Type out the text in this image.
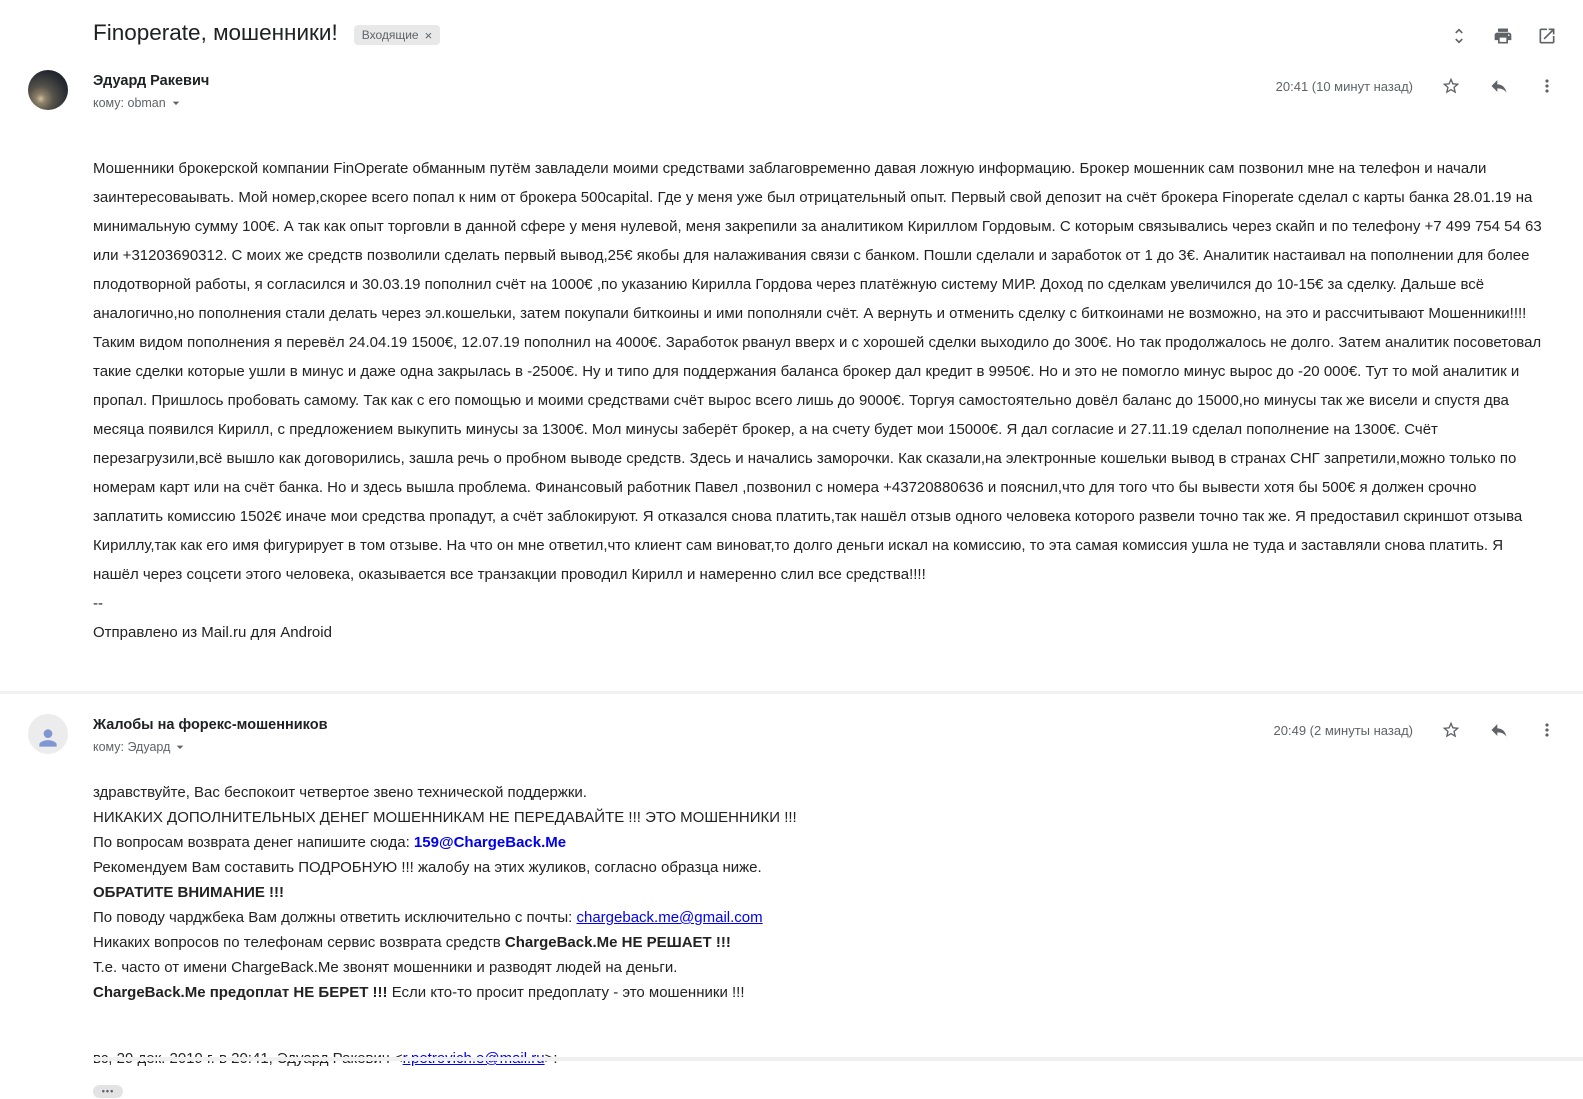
Finoperate, мошенники! Входящие ×
Эдуард Ракевич
кому: obman
20:41 (10 минут назад)
Мошенники брокерской компании FinOperate обманным путём завладели моими средствами заблаговременно давая ложную информацию. Брокер мошенник сам позвонил мне на телефон и начали заинтересоваывать. Мой номер,скорее всего попал к ним от брокера 500capital. Где у меня уже был отрицательный опыт. Первый свой депозит на счёт брокера Finoperate сделал с карты банка 28.01.19 на минимальную сумму 100€. А так как опыт торговли в данной сфере у меня нулевой, меня закрепили за аналитиком Кириллом Гордовым. С которым связывались через скайп и по телефону +7 499 754 54 63 или +31203690312. С моих же средств позволили сделать первый вывод,25€ якобы для налаживания связи с банком. Пошли сделали и заработок от 1 до 3€. Аналитик настаивал на пополнении для более плодотворной работы, я согласился и 30.03.19 пополнил счёт на 1000€ ,по указанию Кирилла Гордова через платёжную систему МИР. Доход по сделкам увеличился до 10-15€ за сделку. Дальше всё аналогично,но пополнения стали делать через эл.кошельки, затем покупали биткоины и ими пополняли счёт. А вернуть и отменить сделку с биткоинами не возможно, на это и рассчитывают Мошенники!!!! Таким видом пополнения я перевёл 24.04.19 1500€, 12.07.19 пополнил на 4000€. Заработок рванул вверх и с хорошей сделки выходило до 300€. Но так продолжалось не долго. Затем аналитик посоветовал такие сделки которые ушли в минус и даже одна закрылась в -2500€. Ну и типо для поддержания баланса брокер дал кредит в 9950€. Но и это не помогло минус вырос до -20 000€. Тут то мой аналитик и пропал. Пришлось пробовать самому. Так как с его помощью и моими средствами счёт вырос всего лишь до 9000€. Торгуя самостоятельно довёл баланс до 15000,но минусы так же висели и спустя два месяца появился Кирилл, с предложением выкупить минусы за 1300€. Мол минусы заберёт брокер, а на счету будет мои 15000€. Я дал согласие и 27.11.19 сделал пополнение на 1300€. Счёт перезагрузили,всё вышло как договорились, зашла речь о пробном выводе средств. Здесь и начались заморочки. Как сказали,на электронные кошельки вывод в странах СНГ запретили,можно только по номерам карт или на счёт банка. Но и здесь вышла проблема. Финансовый работник Павел ,позвонил с номера +43720880636 и пояснил,что для того что бы вывести хотя бы 500€ я должен срочно заплатить комиссию 1502€ иначе мои средства пропадут, а счёт заблокируют. Я отказался снова платить,так нашёл отзыв одного человека которого развели точно так же. Я предоставил скриншот отзыва Кириллу,так как его имя фигурирует в том отзыве. На что он мне ответил,что клиент сам виноват,то долго деньги искал на комиссию, то эта самая комиссия ушла не туда и заставляли снова платить. Я нашёл через соцсети этого человека, оказывается все транзакции проводил Кирилл и намеренно слил все средства!!!!
--
Отправлено из Mail.ru для Android
Жалобы на форекс-мошенников
кому: Эдуард
20:49 (2 минуты назад)
здравствуйте, Вас беспокоит четвертое звено технической поддержки.
НИКАКИХ ДОПОЛНИТЕЛЬНЫХ ДЕНЕГ МОШЕННИКАМ НЕ ПЕРЕДАВАЙТЕ !!! ЭТО МОШЕННИКИ !!!
По вопросам возврата денег напишите сюда: 159@ChargeBack.Me
Рекомендуем Вам составить ПОДРОБНУЮ !!! жалобу на этих жуликов, согласно образца ниже.
ОБРАТИТЕ ВНИМАНИЕ !!!
По поводу чарджбека Вам должны ответить исключительно с почты: chargeback.me@gmail.com
Никаких вопросов по телефонам сервис возврата средств ChargeBack.Me НЕ РЕШАЕТ !!!
Т.е. часто от имени ChargeBack.Me звонят мошенники и разводят людей на деньги.
ChargeBack.Me предоплат НЕ БЕРЕТ !!! Если кто-то просит предоплату - это мошенники !!!
•••
